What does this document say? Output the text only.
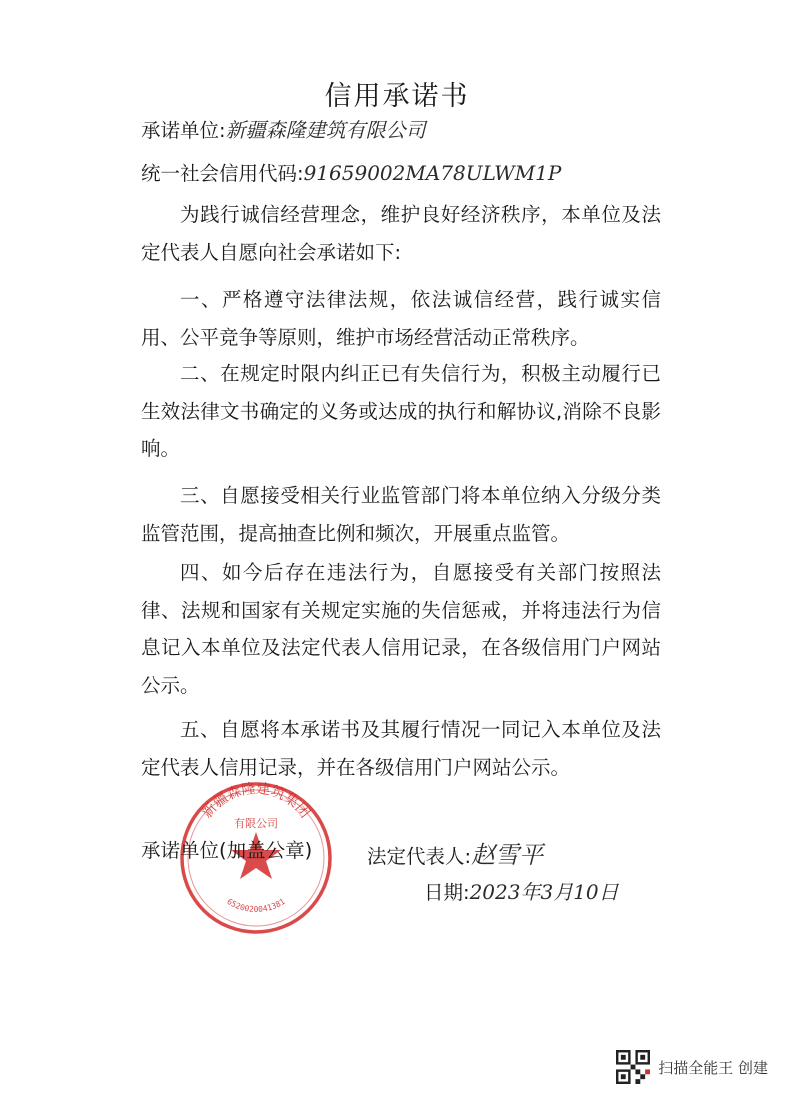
信用承诺书
承诺单位:新疆森隆建筑有限公司
统一社会信用代码:91659002MA78ULWM1P
为践行诚信经营理念，维护良好经济秩序，本单位及法定代表人自愿向社会承诺如下:
一、严格遵守法律法规，依法诚信经营，践行诚实信用、公平竞争等原则，维护市场经营活动正常秩序。
二、在规定时限内纠正已有失信行为，积极主动履行已生效法律文书确定的义务或达成的执行和解协议,消除不良影响。
三、自愿接受相关行业监管部门将本单位纳入分级分类监管范围，提高抽查比例和频次，开展重点监管。
四、如今后存在违法行为，自愿接受有关部门按照法律、法规和国家有关规定实施的失信惩戒，并将违法行为信息记入本单位及法定代表人信用记录，在各级信用门户网站公示。
五、自愿将本承诺书及其履行情况一同记入本单位及法定代表人信用记录，并在各级信用门户网站公示。
新疆森隆建筑集团
有限公司
6520020041381
承诺单位(加盖公章)	法定代表人:赵雪平
日期:2023年3月10日
扫描全能王 创建
